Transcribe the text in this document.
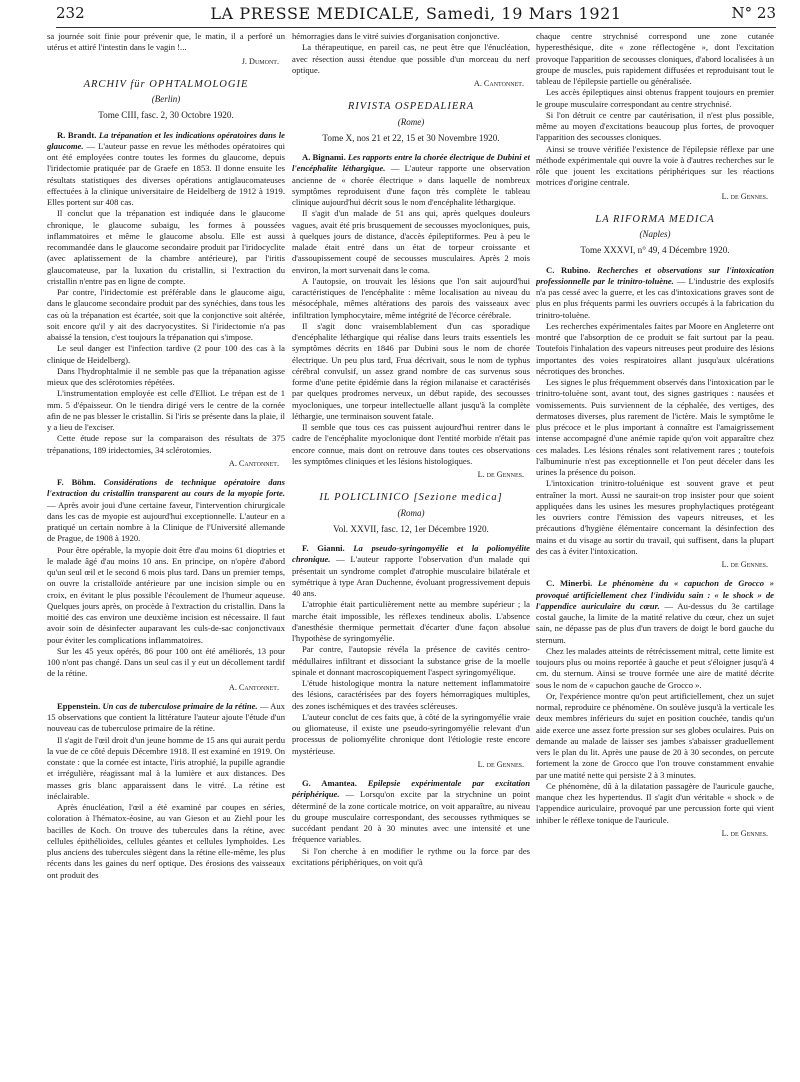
232	LA PRESSE MEDICALE, Samedi, 19 Mars 1921	N° 23

sa journée soit finie pour prévenir que, le matin, il a perforé un utérus et attiré l'intestin dans le vagin !...

J. Dumont.
ARCHIV für OPHTALMOLOGIE
(Berlin)
Tome CIII, fasc. 2, 30 Octobre 1920.

R. Brandt. La trépanation et les indications opératoires dans le glaucome. — L'auteur passe en revue les méthodes opératoires qui ont été employées contre toutes les formes du glaucome, depuis l'iridectomie pratiquée par de Graefe en 1853. Il donne ensuite les résultats statistiques des diverses opérations antiglaucomateuses effectuées à la clinique universitaire de Heidelberg de 1912 à 1919. Elles portent sur 408 cas.

Il conclut que la trépanation est indiquée dans le glaucome chronique, le glaucome subaigu, les formes à poussées inflammatoires et même le glaucome absolu. Elle est aussi recommandée dans le glaucome secondaire produit par l'iridocyclite (avec aplatissement de la chambre antérieure), par l'iritis glaucomateuse, par la luxation du cristallin, si l'extraction du cristallin n'entre pas en ligne de compte.

Par contre, l'iridectomie est préférable dans le glaucome aigu, dans le glaucome secondaire produit par des synéchies, dans tous les cas où la trépanation est écartée, soit que la conjonctive soit altérée, soit encore qu'il y ait des dacryocystites. Si l'iridectomie n'a pas abaissé la tension, c'est toujours la trépanation qui s'impose.

Le seul danger est l'infection tardive (2 pour 100 des cas à la clinique de Heidelberg).

Dans l'hydrophtalmie il ne semble pas que la trépanation agisse mieux que des sclérotomies répétées.

L'instrumentation employée est celle d'Elliot. Le trépan est de 1 mm. 5 d'épaisseur. On le tiendra dirigé vers le centre de la cornée afin de ne pas blesser le cristallin. Si l'iris se présente dans la plaie, il y a lieu de l'exciser.

Cette étude repose sur la comparaison des résultats de 375 trépanations, 189 iridectomies, 34 sclérotomies.

A. Cantonnet.

F. Böhm. Considérations de technique opératoire dans l'extraction du cristallin transparent au cours de la myopie forte. — Après avoir joui d'une certaine faveur, l'intervention chirurgicale dans les cas de myopie est aujourd'hui exceptionnelle. L'auteur en a pratiqué un certain nombre à la Clinique de l'Université allemande de Prague, de 1908 à 1920.

Pour être opérable, la myopie doit être d'au moins 61 dioptries et le malade âgé d'au moins 10 ans. En principe, on n'opère d'abord qu'un seul œil et le second 6 mois plus tard. Dans un premier temps, on ouvre la cristalloïde antérieure par une incision simple ou en croix, en évitant le plus possible l'écoulement de l'humeur aqueuse. Quelques jours après, on procède à l'extraction du cristallin. Dans la moitié des cas environ une deuxième incision est nécessaire. Il faut avoir soin de désinfecter auparavant les culs-de-sac conjonctivaux pour éviter les complications inflammatoires.

Sur les 45 yeux opérés, 86 pour 100 ont été améliorés, 13 pour 100 n'ont pas changé. Dans un seul cas il y eut un décollement tardif de la rétine.

A. Cantonnet.

Eppenstein. Un cas de tuberculose primaire de la rétine. — Aux 15 observations que contient la littérature l'auteur ajoute l'étude d'un nouveau cas de tuberculose primaire de la rétine.

Il s'agit de l'œil droit d'un jeune homme de 15 ans qui aurait perdu la vue de ce côté depuis Décembre 1918. Il est examiné en 1919. On constate : que la cornée est intacte, l'iris atrophié, la pupille agrandie et irrégulière, réagissant mal à la lumière et aux distances. Des masses gris blanc apparaissent dans le vitré. La rétine est inéclairable.

Après énucléation, l'œil a été examiné par coupes en séries, coloration à l'hématox-éosine, au van Gieson et au Ziehl pour les bacilles de Koch. On trouve des tubercules dans la rétine, avec cellules épithélioïdes, cellules géantes et cellules lymphoïdes. Les plus anciens des tubercules siègent dans la rétine elle-même, les plus récents dans les gaines du nerf optique. Des érosions des vaisseaux ont produit des

hémorragies dans le vitré suivies d'organisation conjonctive.

La thérapeutique, en pareil cas, ne peut être que l'énucléation, avec résection aussi étendue que possible d'un morceau du nerf optique.

A. Cantonnet.
RIVISTA OSPEDALIERA
(Rome)
Tome X, nos 21 et 22, 15 et 30 Novembre 1920.

A. Bignami. Les rapports entre la chorée électrique de Dubini et l'encéphalite léthargique. — L'auteur rapporte une observation ancienne de « chorée électrique » dans laquelle de nombreux symptômes reproduisent d'une façon très complète le tableau clinique aujourd'hui décrit sous le nom d'encéphalite léthargique.

Il s'agit d'un malade de 51 ans qui, après quelques douleurs vagues, avait été pris brusquement de secousses myocloniques, puis, à quelques jours de distance, d'accès épileptiformes. Peu à peu le malade était entré dans un état de torpeur croissante et d'assoupissement coupé de secousses musculaires. Après 2 mois environ, la mort survenait dans le coma.

A l'autopsie, on trouvait les lésions que l'on sait aujourd'hui caractéristiques de l'encéphalite : même localisation au niveau du mésocéphale, mêmes altérations des parois des vaisseaux avec infiltration lymphocytaire, même intégrité de l'écorce cérébrale.

Il s'agit donc vraisemblablement d'un cas sporadique d'encéphalite léthargique qui réalise dans leurs traits essentiels les symptômes décrits en 1846 par Dubini sous le nom de chorée électrique. Un peu plus tard, Frua décrivait, sous le nom de typhus cérébral convulsif, un assez grand nombre de cas survenus sous forme d'une petite épidémie dans la région milanaise et caractérisés par quelques prodromes nerveux, un début rapide, des secousses myocloniques, une torpeur intellectuelle allant jusqu'à la complète léthargie, une terminaison souvent fatale.

Il semble que tous ces cas puissent aujourd'hui rentrer dans le cadre de l'encéphalite myoclonique dont l'entité morbide n'était pas encore connue, mais dont on retrouve dans toutes ces observations les symptômes cliniques et les lésions histologiques.

L. de Gennes.
IL POLICLINICO [Sezione medica]
(Roma)
Vol. XXVII, fasc. 12, 1er Décembre 1920.

F. Gianni. La pseudo-syringomyélie et la poliomyélite chronique. — L'auteur rapporte l'observation d'un malade qui présentait un syndrome complet d'atrophie musculaire bilatérale et symétrique à type Aran Duchenne, évoluant progressivement depuis 40 ans.

L'atrophie était particulièrement nette au membre supérieur ; la marche était impossible, les réflexes tendineux abolis. L'absence d'anesthésie thermique permettait d'écarter d'une façon absolue l'hypothèse de syringomyélie.

Par contre, l'autopsie révéla la présence de cavités centro-médullaires infiltrant et dissociant la substance grise de la moelle spinale et donnant macroscopiquement l'aspect syringomyélique.

L'étude histologique montra la nature nettement inflammatoire des lésions, caractérisées par des foyers hémorragiques multiples, des zones ischémiques et des travées scléreuses.

L'auteur conclut de ces faits que, à côté de la syringomyélie vraie ou gliomateuse, il existe une pseudo-syringomyélie relevant d'un processus de poliomyélite chronique dont l'étiologie reste encore mystérieuse.

L. de Gennes.

G. Amantea. Epilepsie expérimentale par excitation périphérique. — Lorsqu'on excite par la strychnine un point déterminé de la zone corticale motrice, on voit apparaître, au niveau du groupe musculaire correspondant, des secousses rythmiques se succédant pendant 20 à 30 minutes avec une intensité et une fréquence variables.

Si l'on cherche à en modifier le rythme ou la force par des excitations périphériques, on voit qu'à

chaque centre strychnisé correspond une zone cutanée hyperesthésique, dite « zone réflectogène », dont l'excitation provoque l'apparition de secousses cloniques, d'abord localisées à un groupe de muscles, puis rapidement diffusées et reproduisant tout le tableau de l'épilepsie partielle ou généralisée.

Les accès épileptiques ainsi obtenus frappent toujours en premier le groupe musculaire correspondant au centre strychnisé.

Si l'on détruit ce centre par cautérisation, il n'est plus possible, même au moyen d'excitations beaucoup plus fortes, de provoquer l'apparition des secousses cloniques.

Ainsi se trouve vérifiée l'existence de l'épilepsie réflexe par une méthode expérimentale qui ouvre la voie à d'autres recherches sur le rôle que jouent les excitations périphériques sur les réactions motrices d'origine centrale.

L. de Gennes.
LA RIFORMA MEDICA
(Naples)
Tome XXXVI, n° 49, 4 Décembre 1920.

C. Rubino. Recherches et observations sur l'intoxication professionnelle par le trinitro-toluène. — L'industrie des explosifs n'a pas cessé avec la guerre, et les cas d'intoxications graves sont de plus en plus fréquents parmi les ouvriers occupés à la fabrication du trinitro-toluène.

Les recherches expérimentales faites par Moore en Angleterre ont montré que l'absorption de ce produit se fait surtout par la peau. Toutefois l'inhalation des vapeurs nitreuses peut produire des lésions importantes des voies respiratoires allant jusqu'aux ulcérations nécrotiques des bronches.

Les signes le plus fréquemment observés dans l'intoxication par le trinitro-toluène sont, avant tout, des signes gastriques : nausées et vomissements. Puis surviennent de la céphalée, des vertiges, des dermatoses diverses, plus rarement de l'ictère. Mais le symptôme le plus précoce et le plus important à connaître est l'amaigrissement intense accompagné d'une anémie rapide qu'on voit apparaître chez ces malades. Les lésions rénales sont relativement rares ; toutefois l'albuminurie n'est pas exceptionnelle et l'on peut déceler dans les urines la présence du poison.

L'intoxication trinitro-toluénique est souvent grave et peut entraîner la mort. Aussi ne saurait-on trop insister pour que soient appliquées dans les usines les mesures prophylactiques protégeant les ouvriers contre l'émission des vapeurs nitreuses, et les précautions d'hygiène élémentaire concernant la désinfection des mains et du visage au sortir du travail, qui suffisent, dans la plupart des cas à éviter l'intoxication.

L. de Gennes.

C. Minerbi. Le phénomène du « capuchon de Grocco » provoqué artificiellement chez l'individu sain : « le shock » de l'appendice auriculaire du cœur. — Au-dessus du 3e cartilage costal gauche, la limite de la matité relative du cœur, chez un sujet sain, ne dépasse pas de plus d'un travers de doigt le bord gauche du sternum.

Chez les malades atteints de rétrécissement mitral, cette limite est toujours plus ou moins reportée à gauche et peut s'éloigner jusqu'à 4 cm. du sternum. Ainsi se trouve formée une aire de matité décrite sous le nom de « capuchon gauche de Grocco ».

Or, l'expérience montre qu'on peut artificiellement, chez un sujet normal, reproduire ce phénomène. On soulève jusqu'à la verticale les deux membres inférieurs du sujet en position couchée, tandis qu'un aide exerce une assez forte pression sur ses globes oculaires. Puis on demande au malade de laisser ses jambes s'abaisser graduellement vers le plan du lit. Après une pause de 20 à 30 secondes, on percute fortement la zone de Grocco que l'on trouve constamment envahie par une matité nette qui persiste 2 à 3 minutes.

Ce phénomène, dû à la dilatation passagère de l'auricule gauche, manque chez les hypertendus. Il s'agit d'un véritable « shock » de l'appendice auriculaire, provoqué par une percussion forte qui vient inhiber le réflexe tonique de l'auricule.

L. de Gennes.
